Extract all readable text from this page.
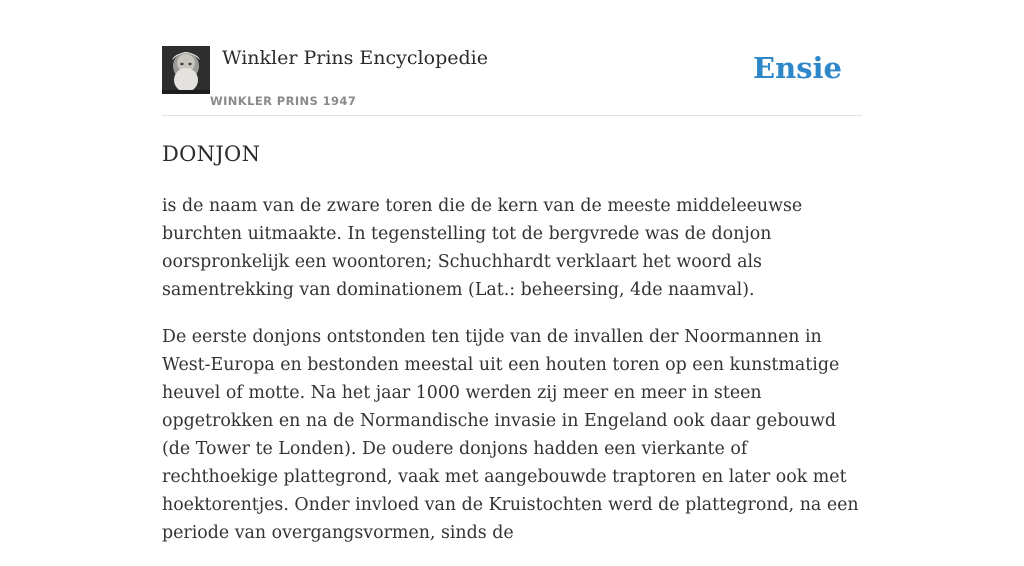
Winkler Prins Encyclopedie
WINKLER PRINS 1947
Ensie
DONJON

is de naam van de zware toren die de kern van de meeste middeleeuwse burchten uitmaakte. In tegenstelling tot de bergvrede was de donjon oorspronkelijk een woontoren; Schuchhardt verklaart het woord als samentrekking van dominationem (Lat.: beheersing, 4de naamval).

De eerste donjons ontstonden ten tijde van de invallen der Noormannen in West-Europa en bestonden meestal uit een houten toren op een kunstmatige heuvel of motte. Na het jaar 1000 werden zij meer en meer in steen opgetrokken en na de Normandische invasie in Engeland ook daar gebouwd (de Tower te Londen). De oudere donjons hadden een vierkante of rechthoekige plattegrond, vaak met aangebouwde traptoren en later ook met hoektorentjes. Onder invloed van de Kruistochten werd de plattegrond, na een periode van overgangsvormen, sinds de
